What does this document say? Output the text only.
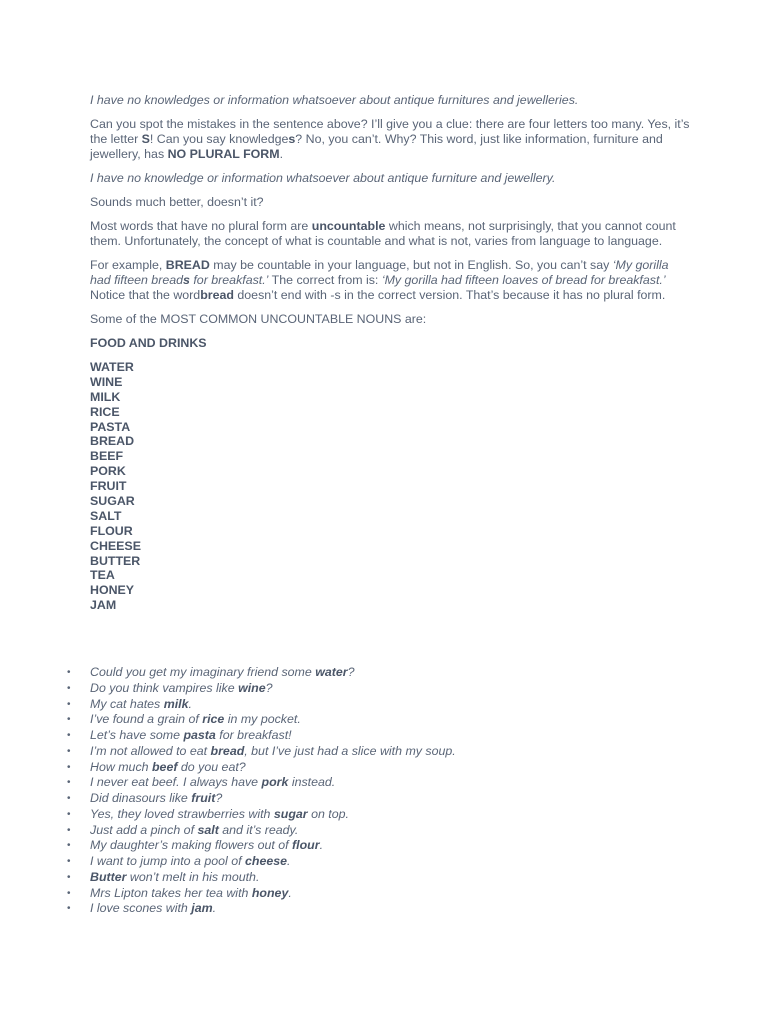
I have no knowledges or information whatsoever about antique furnitures and jewelleries.

Can you spot the mistakes in the sentence above? I’ll give you a clue: there are four letters too many. Yes, it’s the letter S! Can you say knowledges? No, you can’t. Why? This word, just like information, furniture and jewellery, has NO PLURAL FORM.

I have no knowledge or information whatsoever about antique furniture and jewellery.

Sounds much better, doesn’t it?

Most words that have no plural form are uncountable which means, not surprisingly, that you cannot count them. Unfortunately, the concept of what is countable and what is not, varies from language to language.

For example, BREAD may be countable in your language, but not in English. So, you can’t say ‘My gorilla had fifteen breads for breakfast.’ The correct from is: ‘My gorilla had fifteen loaves of bread for breakfast.’ Notice that the wordbread doesn’t end with -s in the correct version. That’s because it has no plural form.

Some of the MOST COMMON UNCOUNTABLE NOUNS are:

FOOD AND DRINKS

WATER
WINE
MILK
RICE
PASTA
BREAD
BEEF
PORK
FRUIT
SUGAR
SALT
FLOUR
CHEESE
BUTTER
TEA
HONEY
JAM
• Could you get my imaginary friend some water?
• Do you think vampires like wine?
• My cat hates milk.
• I’ve found a grain of rice in my pocket.
• Let’s have some pasta for breakfast!
• I’m not allowed to eat bread, but I’ve just had a slice with my soup.
• How much beef do you eat?
• I never eat beef. I always have pork instead.
• Did dinasours like fruit?
• Yes, they loved strawberries with sugar on top.
• Just add a pinch of salt and it’s ready.
• My daughter’s making flowers out of flour.
• I want to jump into a pool of cheese.
• Butter won’t melt in his mouth.
• Mrs Lipton takes her tea with honey.
• I love scones with jam.
